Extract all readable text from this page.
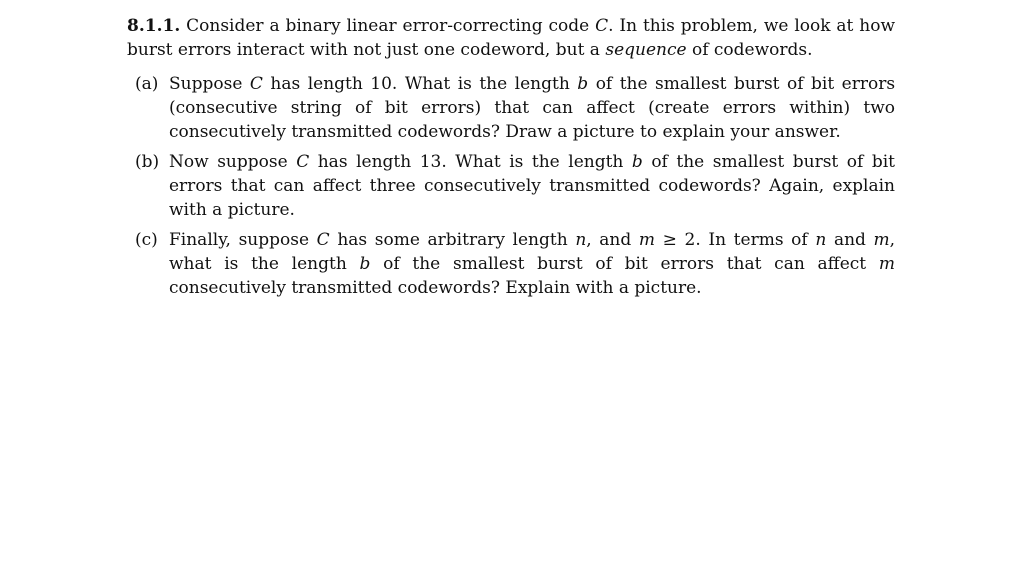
8.1.1. Consider a binary linear error-correcting code C. In this problem, we look at how burst errors interact with not just one codeword, but a sequence of codewords.

(a) Suppose C has length 10. What is the length b of the smallest burst of bit errors (consecutive string of bit errors) that can affect (create errors within) two consecutively transmitted codewords? Draw a picture to explain your answer.
(b) Now suppose C has length 13. What is the length b of the smallest burst of bit errors that can affect three consecutively transmitted codewords? Again, explain with a picture.
(c) Finally, suppose C has some arbitrary length n, and m ≥ 2. In terms of n and m, what is the length b of the smallest burst of bit errors that can affect m consecutively transmitted codewords? Explain with a picture.
